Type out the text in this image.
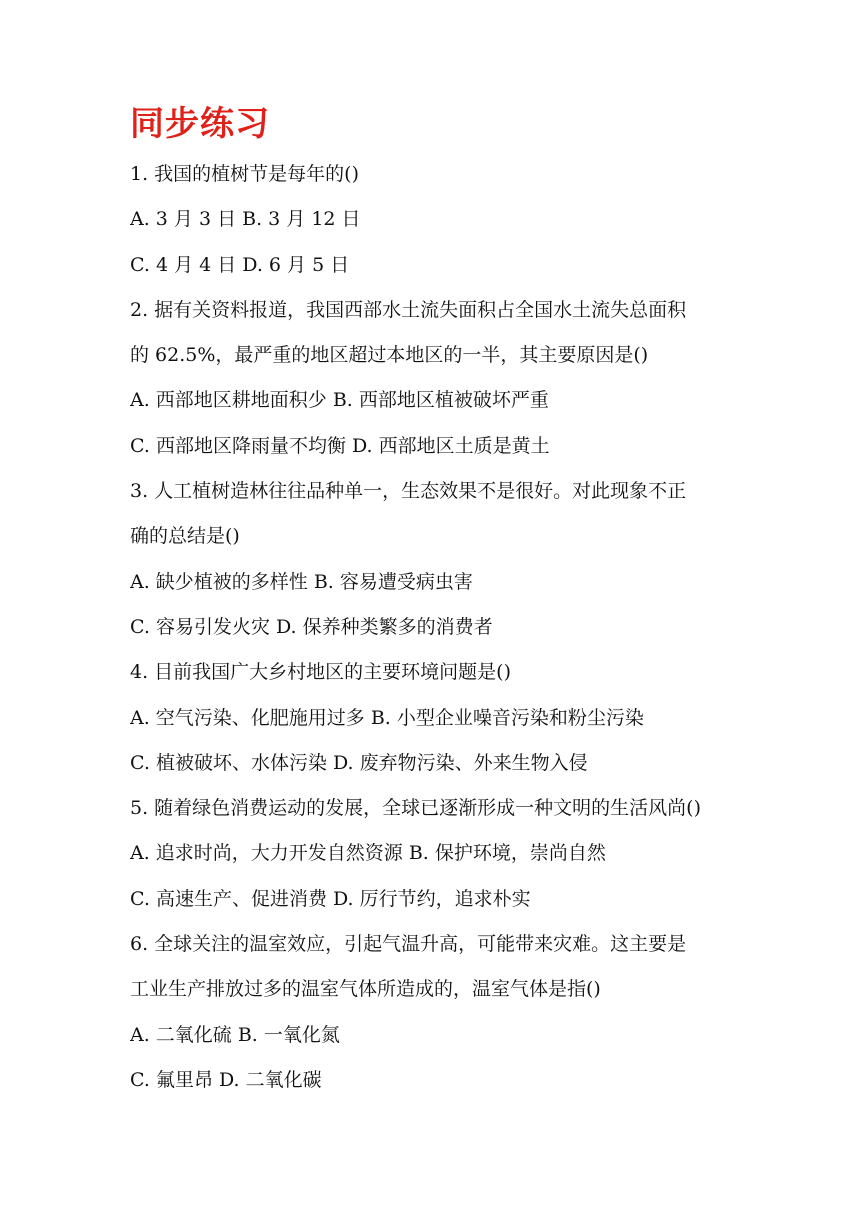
同步练习
1. 我国的植树节是每年的()
A. 3 月 3 日 B. 3 月 12 日
C. 4 月 4 日 D. 6 月 5 日
2. 据有关资料报道，我国西部水土流失面积占全国水土流失总面积
的 62.5%，最严重的地区超过本地区的一半，其主要原因是()
A. 西部地区耕地面积少 B. 西部地区植被破坏严重
C. 西部地区降雨量不均衡 D. 西部地区土质是黄土
3. 人工植树造林往往品种单一，生态效果不是很好。对此现象不正
确的总结是()
A. 缺少植被的多样性 B. 容易遭受病虫害
C. 容易引发火灾 D. 保养种类繁多的消费者
4. 目前我国广大乡村地区的主要环境问题是()
A. 空气污染、化肥施用过多 B. 小型企业噪音污染和粉尘污染
C. 植被破坏、水体污染 D. 废弃物污染、外来生物入侵
5. 随着绿色消费运动的发展，全球已逐渐形成一种文明的生活风尚()
A. 追求时尚，大力开发自然资源 B. 保护环境，崇尚自然
C. 高速生产、促进消费 D. 厉行节约，追求朴实
6. 全球关注的温室效应，引起气温升高，可能带来灾难。这主要是
工业生产排放过多的温室气体所造成的，温室气体是指()
A. 二氧化硫 B. 一氧化氮
C. 氟里昂 D. 二氧化碳
